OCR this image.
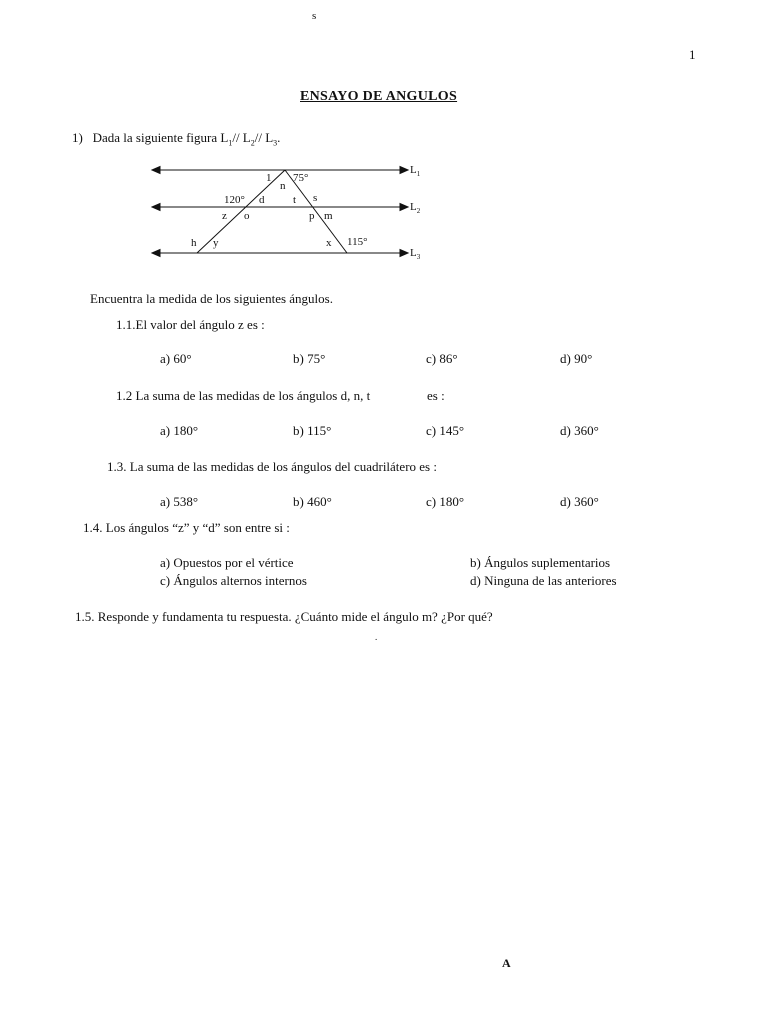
s
1
ENSAYO DE ANGULOS
1) Dada la siguiente figura $L_1//$ $L_2//$ $L_3$.
$L_1$
$L_2$
$L_3$
1 75°
n
120° d	t s
z o	p m
h y	x 115°
Encuentra la medida de los siguientes ángulos.
1.1.El valor del ángulo z es :
a) 60°	b) 75°	c) 86°	d) 90°
1.2 La suma de las medidas de los ángulos d, n, t	es :
a) 180°	b) 115°	c) 145°	d) 360°
1.3. La suma de las medidas de los ángulos del cuadrilátero es :
a) 538°	b) 460°	c) 180°	d) 360°
1.4. Los ángulos “z” y “d” son entre si :
a) Opuestos por el vértice	b) Ángulos suplementarios
c) Ángulos alternos internos	d) Ninguna de las anteriores
1.5. Responde y fundamenta tu respuesta. ¿Cuánto mide el ángulo m? ¿Por qué?
.
A
